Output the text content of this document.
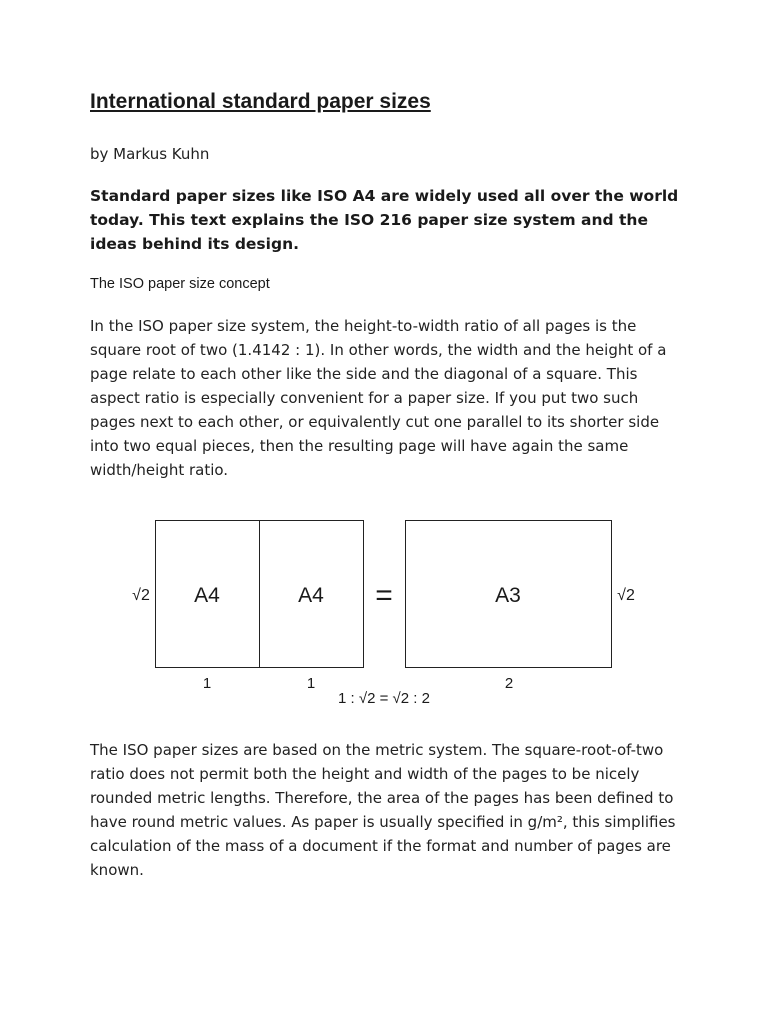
International standard paper sizes

by Markus Kuhn

Standard paper sizes like ISO A4 are widely used all over the world today. This text explains the ISO 216 paper size system and the ideas behind its design.

The ISO paper size concept

In the ISO paper size system, the height-to-width ratio of all pages is the square root of two (1.4142 : 1). In other words, the width and the height of a page relate to each other like the side and the diagonal of a square. This aspect ratio is especially convenient for a paper size. If you put two such pages next to each other, or equivalently cut one parallel to its shorter side into two equal pieces, then the resulting page will have again the same width/height ratio.

The ISO paper sizes are based on the metric system. The square-root-of-two ratio does not permit both the height and width of the pages to be nicely rounded metric lengths. Therefore, the area of the pages has been defined to have round metric values. As paper is usually specified in g/m², this simplifies calculation of the mass of a document if the format and number of pages are known.

A4	A4 =	A3
√2	√2
1	1	2
1 : √2 = √2 : 2
